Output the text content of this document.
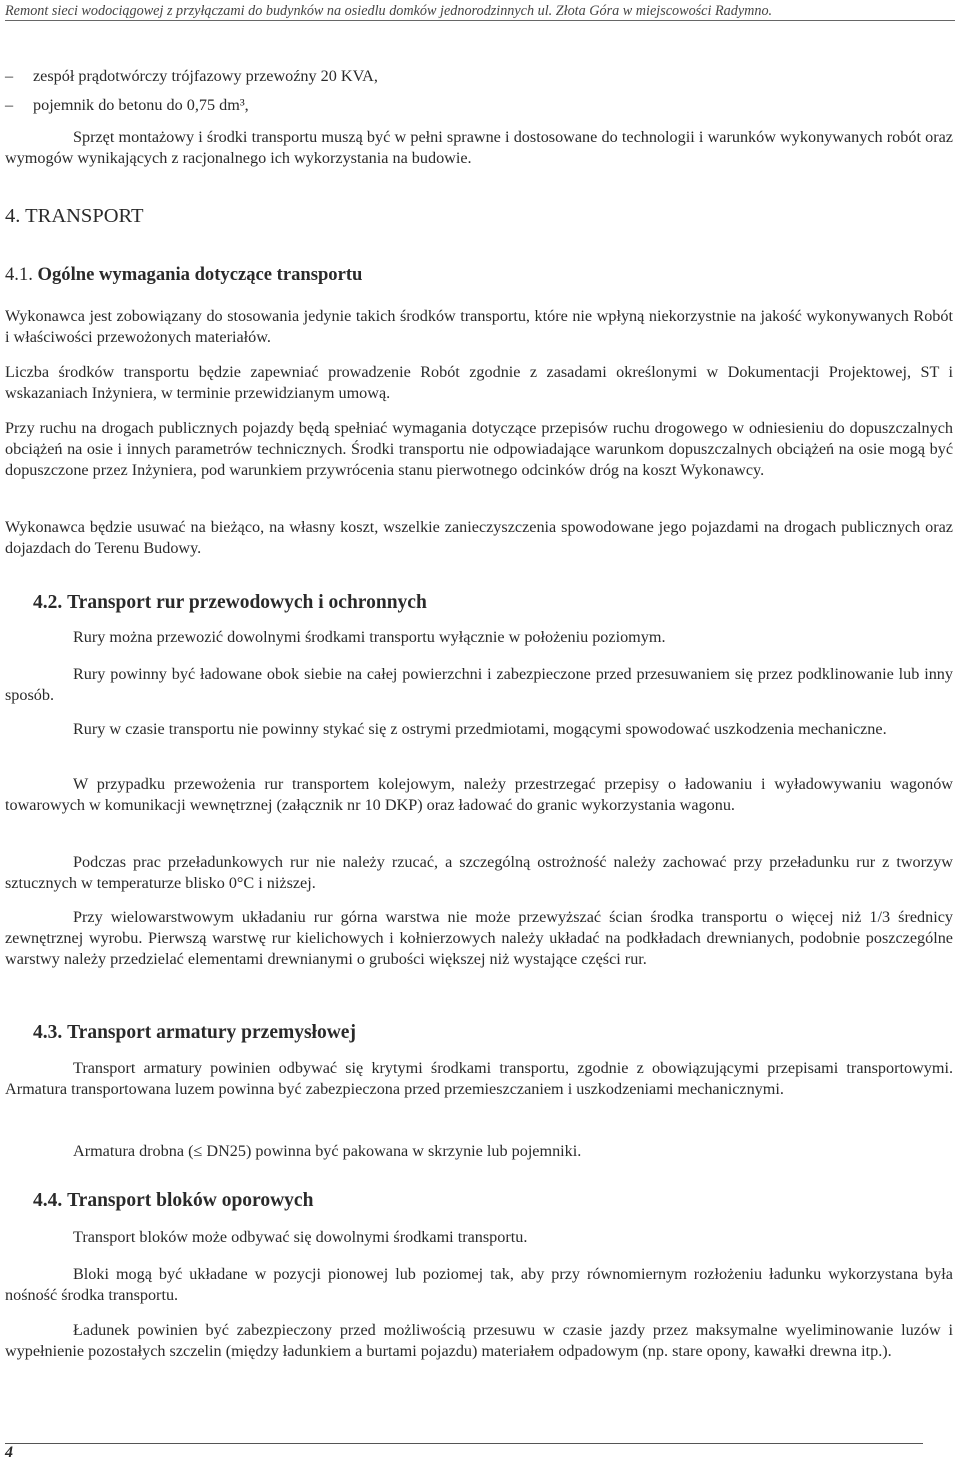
Remont sieci wodociągowej z przyłączami do budynków na osiedlu domków jednorodzinnych ul. Złota Góra w miejscowości Radymno.
– zespół prądotwórczy trójfazowy przewoźny 20 KVA,
– pojemnik do betonu do 0,75 dm³,

Sprzęt montażowy i środki transportu muszą być w pełni sprawne i dostosowane do technologii i warunków wykonywanych robót oraz wymogów wynikających z racjonalnego ich wykorzystania na budowie.

4. TRANSPORT
4.1. Ogólne wymagania dotyczące transportu

Wykonawca jest zobowiązany do stosowania jedynie takich środków transportu, które nie wpłyną niekorzystnie na jakość wykonywanych Robót i właściwości przewożonych materiałów.

Liczba środków transportu będzie zapewniać prowadzenie Robót zgodnie z zasadami określonymi w Dokumentacji Projektowej, ST i wskazaniach Inżyniera, w terminie przewidzianym umową.

Przy ruchu na drogach publicznych pojazdy będą spełniać wymagania dotyczące przepisów ruchu drogowego w odniesieniu do dopuszczalnych obciążeń na osie i innych parametrów technicznych. Środki transportu nie odpowiadające warunkom dopuszczalnych obciążeń na osie mogą być dopuszczone przez Inżyniera, pod warunkiem przywrócenia stanu pierwotnego odcinków dróg na koszt Wykonawcy.

Wykonawca będzie usuwać na bieżąco, na własny koszt, wszelkie zanieczyszczenia spowodowane jego pojazdami na drogach publicznych oraz dojazdach do Terenu Budowy.

4.2. Transport rur przewodowych i ochronnych

Rury można przewozić dowolnymi środkami transportu wyłącznie w położeniu poziomym.

Rury powinny być ładowane obok siebie na całej powierzchni i zabezpieczone przed przesuwaniem się przez podklinowanie lub inny sposób.

Rury w czasie transportu nie powinny stykać się z ostrymi przedmiotami, mogącymi spowodować uszkodzenia mechaniczne.

W przypadku przewożenia rur transportem kolejowym, należy przestrzegać przepisy o ładowaniu i wyładowywaniu wagonów towarowych w komunikacji wewnętrznej (załącznik nr 10 DKP) oraz ładować do granic wykorzystania wagonu.

Podczas prac przeładunkowych rur nie należy rzucać, a szczególną ostrożność należy zachować przy przeładunku rur z tworzyw sztucznych w temperaturze blisko 0°C i niższej.

Przy wielowarstwowym układaniu rur górna warstwa nie może przewyższać ścian środka transportu o więcej niż 1/3 średnicy zewnętrznej wyrobu. Pierwszą warstwę rur kielichowych i kołnierzowych należy układać na podkładach drewnianych, podobnie poszczególne warstwy należy przedzielać elementami drewnianymi o grubości większej niż wystające części rur.

4.3. Transport armatury przemysłowej

Transport armatury powinien odbywać się krytymi środkami transportu, zgodnie z obowiązującymi przepisami transportowymi. Armatura transportowana luzem powinna być zabezpieczona przed przemieszczaniem i uszkodzeniami mechanicznymi.

Armatura drobna (≤ DN25) powinna być pakowana w skrzynie lub pojemniki.

4.4. Transport bloków oporowych

Transport bloków może odbywać się dowolnymi środkami transportu.

Bloki mogą być układane w pozycji pionowej lub poziomej tak, aby przy równomiernym rozłożeniu ładunku wykorzystana była nośność środka transportu.

Ładunek powinien być zabezpieczony przed możliwością przesuwu w czasie jazdy przez maksymalne wyeliminowanie luzów i wypełnienie pozostałych szczelin (między ładunkiem a burtami pojazdu) materiałem odpadowym (np. stare opony, kawałki drewna itp.).

4
